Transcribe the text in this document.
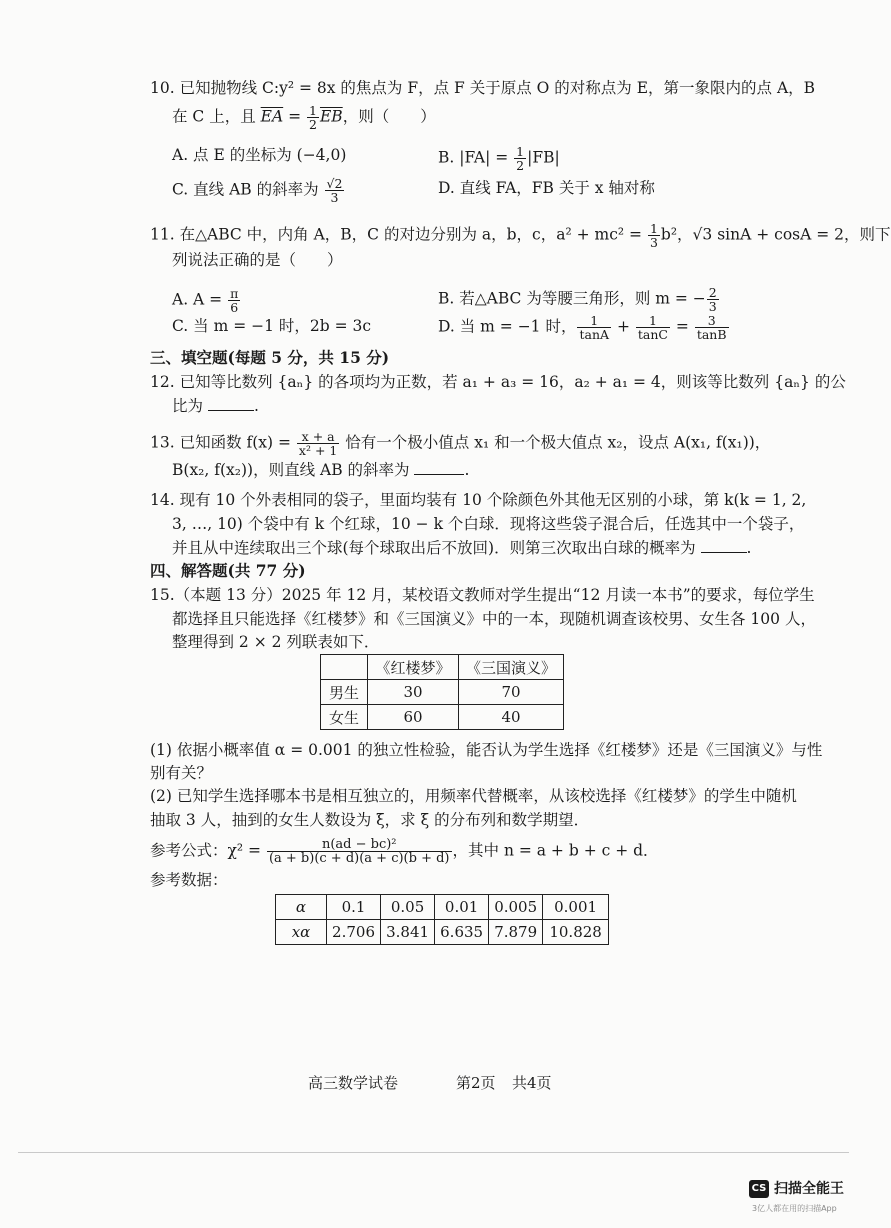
10. 已知抛物线 C:y² = 8x 的焦点为 F，点 F 关于原点 O 的对称点为 E，第一象限内的点 A，B
在 C 上，且 $\overline{EA} = \frac{1}{2} \overline{EB}$，则（　　）
A. 点 E 的坐标为 (−4,0)	B. $|FA| = \frac{1}{2} |FB|$
C. 直线 AB 的斜率为 $\frac{√2}{3}$	D. 直线 FA，FB 关于 x 轴对称
11. 在△ABC 中，内角 A，B，C 的对边分别为 a，b，c，$a^2 + mc^2 = \frac{1}{3} b^2$，√3 sinA + cosA = 2，则下
列说法正确的是（　　）
A. $A = \frac{\pi}{6}$	B. 若△ABC 为等腰三角形，则 m = − $\frac{2}{3}$
C. 当 m = −1 时，2b = 3c	D. 当 m = −1 时， $\frac{1}{\tan A} + \frac{1}{\tan C} = \frac{3}{\tan B}$
三、填空题(每题 5 分，共 15 分)
12. 已知等比数列 {aₙ} 的各项均为正数，若 a₁ + a₃ = 16，a₂ + a₁ = 4，则该等比数列 {aₙ} 的公
比为	.
13. 已知函数 $f(x) = \frac{x + a}{\text{x² + 1}}$ 恰有一个极小值点 x₁ 和一个极大值点 x₂，设点 A(x₁, f(x₁))，
B(x₂, f(x₂))，则直线 AB 的斜率为	.
14. 现有 10 个外表相同的袋子，里面均装有 10 个除颜色外其他无区别的小球，第 k(k = 1, 2,
3, …, 10) 个袋中有 k 个红球，10 − k 个白球．现将这些袋子混合后，任选其中一个袋子，
并且从中连续取出三个球(每个球取出后不放回)．则第三次取出白球的概率为	.
四、解答题(共 77 分)
15.（本题 13 分）2025 年 12 月，某校语文教师对学生提出“12 月读一本书”的要求，每位学生
都选择且只能选择《红楼梦》和《三国演义》中的一本，现随机调查该校男、女生各 100 人，
整理得到 2 × 2 列联表如下．
	《红楼梦》	《三国演义》
男生	30	70
女生	60	40
(1) 依据小概率值 α = 0.001 的独立性检验，能否认为学生选择《红楼梦》还是《三国演义》与性
别有关？
(2) 已知学生选择哪本书是相互独立的，用频率代替概率，从该校选择《红楼梦》的学生中随机
抽取 3 人，抽到的女生人数设为 ξ，求 ξ 的分布列和数学期望．
参考公式：$\chi^2 = \frac{\text{n(ad − bc)²}}{(a + b)(c + d)(a + c)(b + d)}$ ，其中 n = a + b + c + d．
参考数据：
α	0.1	0.05	0.01	0.005	0.001
xα	2.706	3.841	6.635	7.879	10.828
高三数学试卷	第2页 共4页
CS 扫描全能王
3亿人都在用的扫描App
